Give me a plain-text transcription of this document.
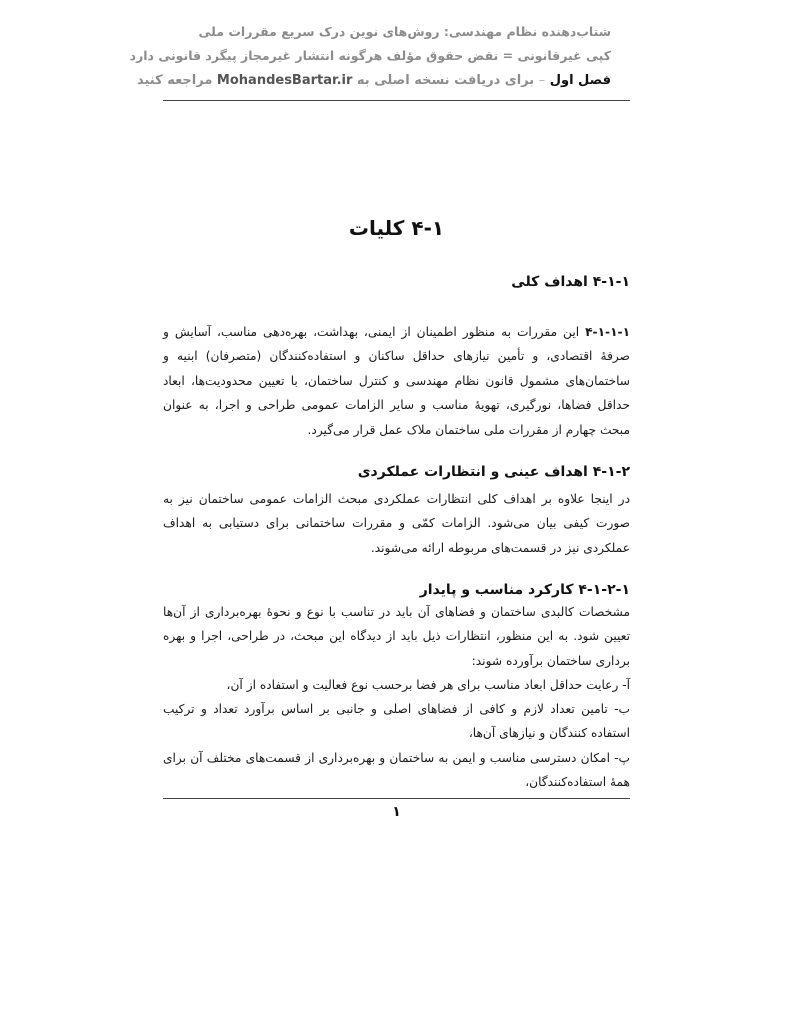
شتاب‌دهنده نظام مهندسی: روش‌های نوین درک سریع مقررات ملی
کپی غیرقانونی = نقض حقوق مؤلف هرگونه انتشار غیرمجاز پیگرد قانونی دارد
فصل اول – برای دریافت نسخه اصلی به MohandesBartar.ir مراجعه کنید
۴-۱ کلیات
۴-۱-۱ اهداف کلی

۴-۱-۱-۱ این مقررات به منظور اطمینان از ایمنی، بهداشت، بهره‌دهی مناسب، آسایش و صرفهٔ اقتصادی، و تأمین نیازهای حداقل ساکنان و استفاده‌کنندگان (متصرفان) ابنیه و ساختمان‌های مشمول قانون نظام مهندسی و کنترل ساختمان، با تعیین محدودیت‌ها، ابعاد حداقل فضاها، نورگیری، تهویهٔ مناسب و سایر الزامات عمومی طراحی و اجرا، به عنوان مبحث چهارم از مقررات ملی ساختمان ملاک عمل قرار می‌گیرد.

۴-۱-۲ اهداف عینی و انتظارات عملکردی

در اینجا علاوه بر اهداف کلی انتظارات عملکردی مبحث الزامات عمومی ساختمان نیز به صورت کیفی بیان می‌شود. الزامات کمّی و مقررات ساختمانی برای دستیابی به اهداف عملکردی نیز در قسمت‌های مربوطه ارائه می‌شوند.

۴-۱-۲-۱ کارکرد مناسب و پایدار

مشخصات کالبدی ساختمان و فضاهای آن باید در تناسب با نوع و نحوهٔ بهره‌برداری از آن‌ها تعیین شود. به این منظور، انتظارات ذیل باید از دیدگاه این مبحث، در طراحی، اجرا و بهره برداری ساختمان برآورده شوند:

آ- رعایت حداقل ابعاد مناسب برای هر فضا برحسب نوع فعالیت و استفاده از آن،

ب- تامین تعداد لازم و کافی از فضاهای اصلی و جانبی بر اساس برآورد تعداد و ترکیب استفاده کنندگان و نیازهای آن‌ها،

پ- امکان دسترسی مناسب و ایمن به ساختمان و بهره‌برداری از قسمت‌های مختلف آن برای همهٔ استفاده‌کنندگان،

۱
